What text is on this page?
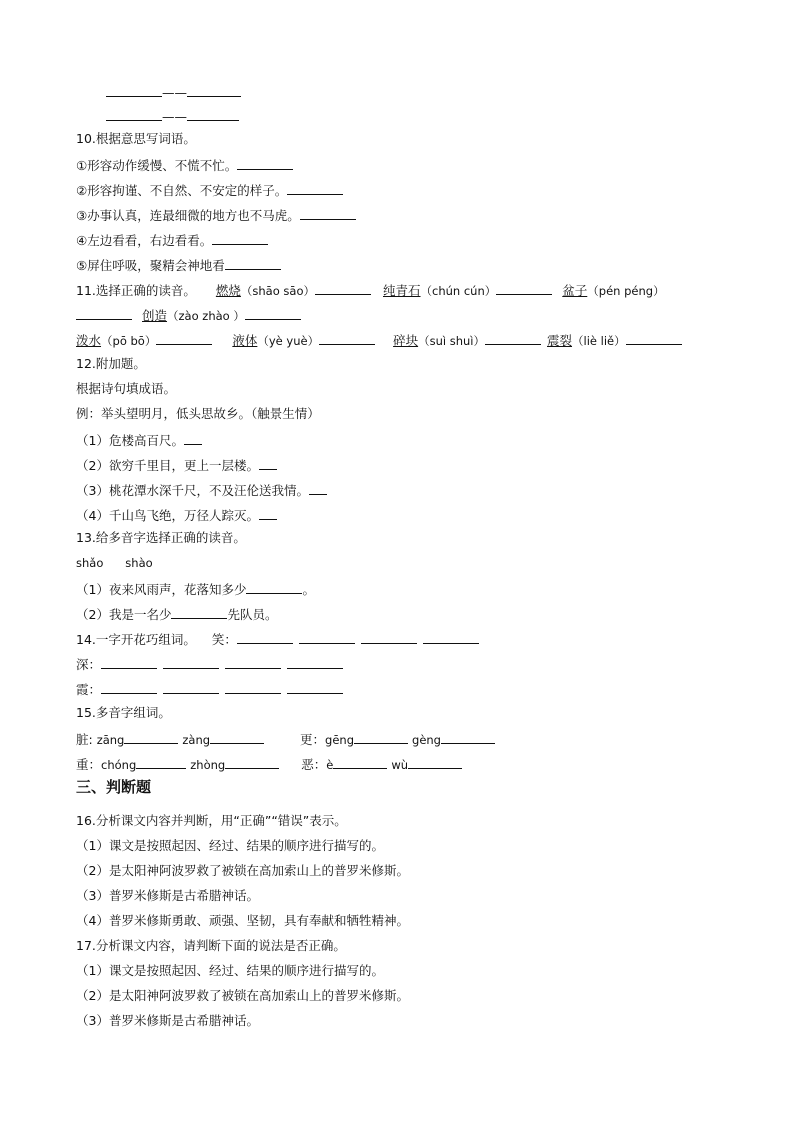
——
——
10.根据意思写词语。
①形容动作缓慢、不慌不忙。
②形容拘谨、不自然、不安定的样子。
③办事认真，连最细微的地方也不马虎。
④左边看看，右边看看。
⑤屏住呼吸，聚精会神地看
11.选择正确的读音。 燃烧（shāo sāo）	纯青石（chún cún）	盆子（pén péng）
创造（zào zhào ）
泼水（pō bō）	液体（yè yuè）	碎块（suì shuì）	震裂（liè liě）
12.附加题。
根据诗句填成语。
例：举头望明月，低头思故乡。（触景生情）
（1）危楼高百尺。
（2）欲穷千里目，更上一层楼。
（3）桃花潭水深千尺，不及汪伦送我情。
（4）千山鸟飞绝，万径人踪灭。
13.给多音字选择正确的读音。
shǎo      shào
（1）夜来风雨声，花落知多少	。
（2）我是一名少	先队员。
14.一字开花巧组词。 笑：
深：
霞：
15.多音字组词。
脏: zāng	zàng	更：gēng	gèng
重：chóng	zhòng	恶：è	wù
三、判断题
16.分析课文内容并判断，用“正确”“错误”表示。
（1）课文是按照起因、经过、结果的顺序进行描写的。
（2）是太阳神阿波罗救了被锁在高加索山上的普罗米修斯。
（3）普罗米修斯是古希腊神话。
（4）普罗米修斯勇敢、顽强、坚韧，具有奉献和牺牲精神。
17.分析课文内容，请判断下面的说法是否正确。
（1）课文是按照起因、经过、结果的顺序进行描写的。
（2）是太阳神阿波罗救了被锁在高加索山上的普罗米修斯。
（3）普罗米修斯是古希腊神话。
